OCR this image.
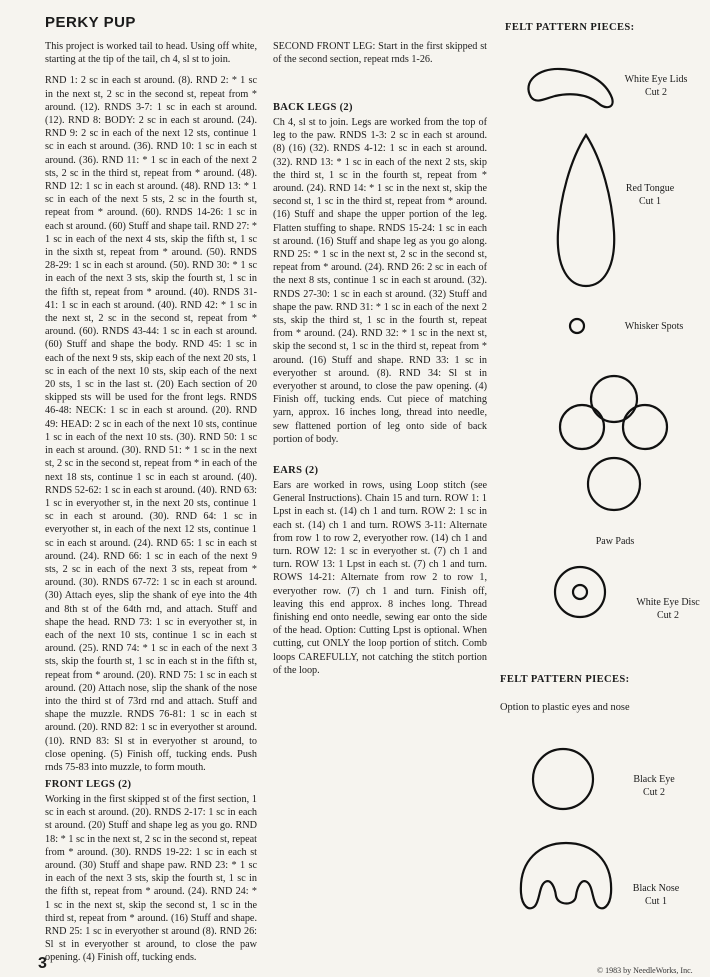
PERKY PUP

This project is worked tail to head. Using off white, starting at the tip of the tail, ch 4, sl st to join.

RND 1: 2 sc in each st around. (8). RND 2: * 1 sc in the next st, 2 sc in the second st, repeat from * around. (12). RNDS 3-7: 1 sc in each st around. (12). RND 8: BODY: 2 sc in each st around. (24). RND 9: 2 sc in each of the next 12 sts, continue 1 sc in each st around. (36). RND 10: 1 sc in each st around. (36). RND 11: * 1 sc in each of the next 2 sts, 2 sc in the third st, repeat from * around. (48). RND 12: 1 sc in each st around. (48). RND 13: * 1 sc in each of the next 5 sts, 2 sc in the fourth st, repeat from * around. (60). RNDS 14-26: 1 sc in each st around. (60) Stuff and shape tail. RND 27: * 1 sc in each of the next 4 sts, skip the fifth st, 1 sc in the sixth st, repeat from * around. (50). RNDS 28-29: 1 sc in each st around. (50). RND 30: * 1 sc in each of the next 3 sts, skip the fourth st, 1 sc in the fifth st, repeat from * around. (40). RNDS 31-41: 1 sc in each st around. (40). RND 42: * 1 sc in the next st, 2 sc in the second st, repeat from * around. (60). RNDS 43-44: 1 sc in each st around. (60) Stuff and shape the body. RND 45: 1 sc in each of the next 9 sts, skip each of the next 20 sts, 1 sc in each of the next 10 sts, skip each of the next 20 sts, 1 sc in the last st. (20) Each section of 20 skipped sts will be used for the front legs. RNDS 46-48: NECK: 1 sc in each st around. (20). RND 49: HEAD: 2 sc in each of the next 10 sts, continue 1 sc in each of the next 10 sts. (30). RND 50: 1 sc in each st around. (30). RND 51: * 1 sc in the next st, 2 sc in the second st, repeat from * in each of the next 18 sts, continue 1 sc in each st around. (40). RNDS 52-62: 1 sc in each st around. (40). RND 63: 1 sc in everyother st, in the next 20 sts, continue 1 sc in each st around. (30). RND 64: 1 sc in everyother st, in each of the next 12 sts, continue 1 sc in each st around. (24). RND 65: 1 sc in each st around. (24). RND 66: 1 sc in each of the next 9 sts, 2 sc in each of the next 3 sts, repeat from * around. (30). RNDS 67-72: 1 sc in each st around. (30) Attach eyes, slip the shank of eye into the 4th and 8th st of the 64th rnd, and attach. Stuff and shape the head. RND 73: 1 sc in everyother st, in each of the next 10 sts, continue 1 sc in each st around. (25). RND 74: * 1 sc in each of the next 3 sts, skip the fourth st, 1 sc in each st in the fifth st, repeat from * around. (20). RND 75: 1 sc in each st around. (20) Attach nose, slip the shank of the nose into the third st of 73rd rnd and attach. Stuff and shape the muzzle. RNDS 76-81: 1 sc in each st around. (20). RND 82: 1 sc in everyother st around. (10). RND 83: Sl st in everyother st around, to close opening. (5) Finish off, tucking ends. Push rnds 75-83 into muzzle, to form mouth.

FRONT LEGS (2)
Working in the first skipped st of the first section, 1 sc in each st around. (20). RNDS 2-17: 1 sc in each st around. (20) Stuff and shape leg as you go. RND 18: * 1 sc in the next st, 2 sc in the second st, repeat from * around. (30). RNDS 19-22: 1 sc in each st around. (30) Stuff and shape paw. RND 23: * 1 sc in each of the next 3 sts, skip the fourth st, 1 sc in the fifth st, repeat from * around. (24). RND 24: * 1 sc in the next st, skip the second st, 1 sc in the third st, repeat from * around. (16) Stuff and shape. RND 25: 1 sc in everyother st around (8). RND 26: Sl st in everyother st around, to close the paw opening. (4) Finish off, tucking ends.

SECOND FRONT LEG: Start in the first skipped st of the second section, repeat rnds 1-26.

BACK LEGS (2)
Ch 4, sl st to join. Legs are worked from the top of leg to the paw. RNDS 1-3: 2 sc in each st around. (8) (16) (32). RNDS 4-12: 1 sc in each st around. (32). RND 13: * 1 sc in each of the next 2 sts, skip the third st, 1 sc in the fourth st, repeat from * around. (24). RND 14: * 1 sc in the next st, skip the second st, 1 sc in the third st, repeat from * around. (16) Stuff and shape the upper portion of the leg. Flatten stuffing to shape. RNDS 15-24: 1 sc in each st around. (16) Stuff and shape leg as you go along. RND 25: * 1 sc in the next st, 2 sc in the second st, repeat from * around. (24). RND 26: 2 sc in each of the next 8 sts, continue 1 sc in each st around. (32). RNDS 27-30: 1 sc in each st around. (32) Stuff and shape the paw. RND 31: * 1 sc in each of the next 2 sts, skip the third st, 1 sc in the fourth st, repeat from * around. (24). RND 32: * 1 sc in the next st, skip the second st, 1 sc in the third st, repeat from * around. (16) Stuff and shape. RND 33: 1 sc in everyother st around. (8). RND 34: Sl st in everyother st around, to close the paw opening. (4) Finish off, tucking ends. Cut piece of matching yarn, approx. 16 inches long, thread into needle, sew flattened portion of leg onto side of back portion of body.
EARS (2)
Ears are worked in rows, using Loop stitch (see General Instructions). Chain 15 and turn. ROW 1: 1 Lpst in each st. (14) ch 1 and turn. ROW 2: 1 sc in each st. (14) ch 1 and turn. ROWS 3-11: Alternate from row 1 to row 2, everyother row. (14) ch 1 and turn. ROW 12: 1 sc in everyother st. (7) ch 1 and turn. ROW 13: 1 Lpst in each st. (7) ch 1 and turn. ROWS 14-21: Alternate from row 2 to row 1, everyother row. (7) ch 1 and turn. Finish off, leaving this end approx. 8 inches long. Thread finishing end onto needle, sewing ear onto the side of the head. Option: Cutting Lpst is optional. When cutting, cut ONLY the loop portion of stitch. Comb loops CAREFULLY, not catching the stitch portion of the loop.
FELT PATTERN PIECES:
FELT PATTERN PIECES:
Option to plastic eyes and nose
White Eye Lids
Cut 2
Red Tongue
Cut 1
Whisker Spots
Paw Pads
White Eye Disc
Cut 2
Black Eye
Cut 2
Black Nose
Cut 1
3	© 1983 by NeedleWorks, Inc.
